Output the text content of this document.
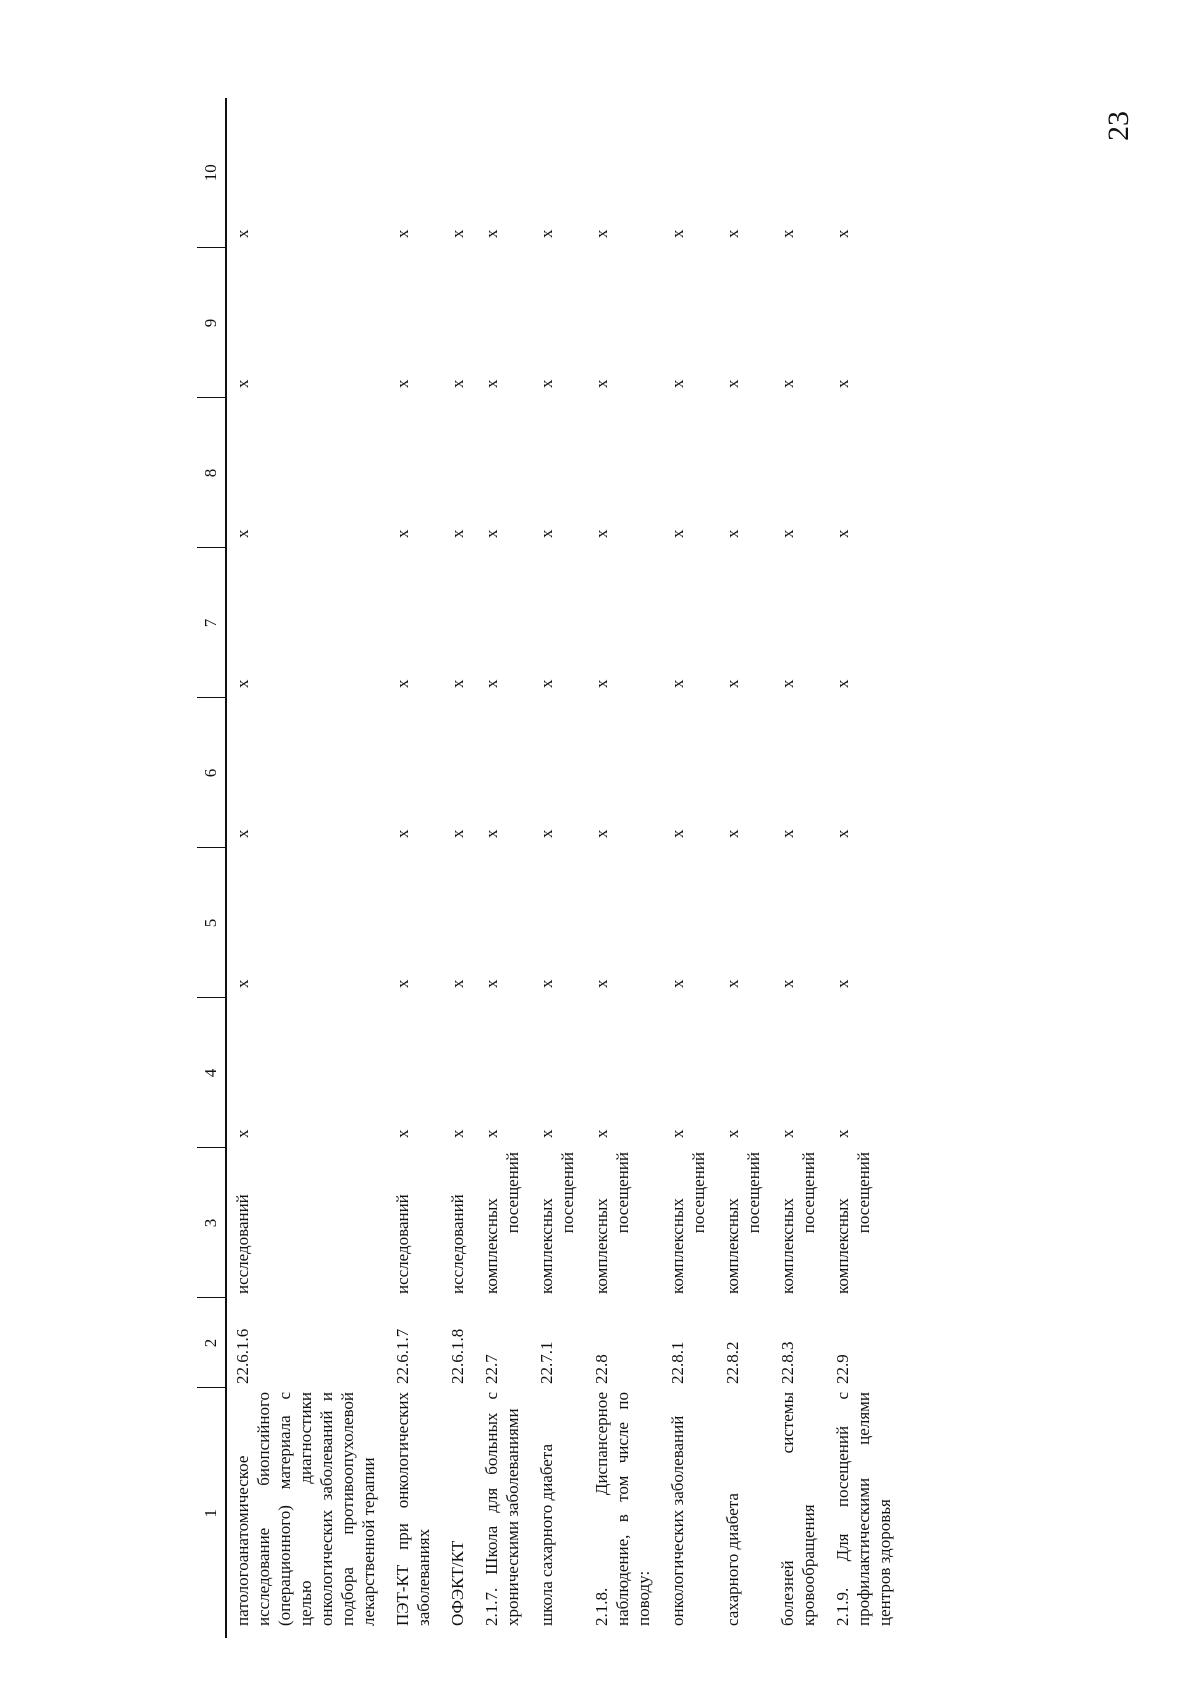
23
1	2	3	4	5	6	7	8	9	10
патологоанатомическое исследование биопсийного (операционного) материала с целью диагностики онкологических заболеваний и подбора противоопухолевой лекарственной терапии	22.6.1.6	исследований	x	x	x	x	x	x	x
ПЭТ-КТ при онкологических заболеваниях	22.6.1.7	исследований	x	x	x	x	x	x	x
ОФЭКТ/КТ	22.6.1.8	исследований	x	x	x	x	x	x	x
2.1.7. Школа для больных с хроническими заболеваниями	22.7	комплексных
посещений	x	x	x	x	x	x	x
школа сахарного диабета	22.7.1	комплексных
посещений	x	x	x	x	x	x	x
2.1.8. Диспансерное наблюдение, в том числе по поводу:	22.8	комплексных
посещений	x	x	x	x	x	x	x
онкологических заболеваний	22.8.1	комплексных
посещений	x	x	x	x	x	x	x
сахарного диабета	22.8.2	комплексных
посещений	x	x	x	x	x	x	x
болезней системы кровообращения	22.8.3	комплексных
посещений	x	x	x	x	x	x	x
2.1.9. Для посещений с профилактическими целями центров здоровья	22.9	комплексных
посещений	x	x	x	x	x	x	x
